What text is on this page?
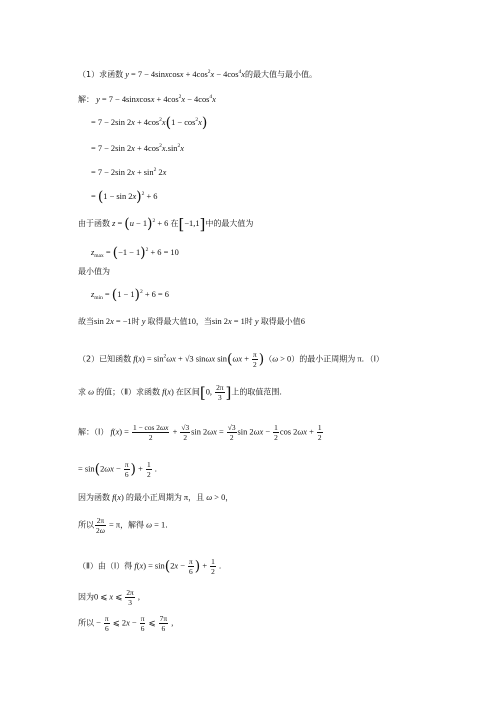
（1）求函数 y = 7 − 4sinxcosx + $4\cos^2x - 4\cos^4x$的最大值与最小值。
解： y = 7 − 4sinxcosx + $4\cos^2x - 4\cos^4x$
= 7 − 2sin $2x + 4\cos^2x(1 - \cos^2x)$
= 7 − 2sin $2x + 4\cos^2x.\sin^2x$
= 7 − 2sin $2x + \sin^2 2x$
= $(1 - \sin 2x)^2 + 6$
由于函数 $z = (u - 1)^2 + 6$ 在[−1,1]中的最大值为
$z_{max} = (-1 - 1)^2 + 6 = 10$
最小值为
$z_{min} = (1 - 1)^2 + 6 = 6$
故当sin 2x = −1时 y 取得最大值10，当sin 2x = 1时 y 取得最小值6
（2）已知函数 $f(x) = \sin^2\omega x + √3$ sinωx $\sin(\omega x + \frac{\pi}{2} )(\omega > 0)$的最小正周期为 π．（Ⅰ）
求 ω 的值；（Ⅱ）求函数 f(x) 在区间[0, $\frac{2\pi}{3}$ ]上的取值范围.
解：（Ⅰ） $f(x) = \frac{1 - \cos 2\omega x}{2} + \frac{√3}{2}$ $\sin 2\omega x = \frac{√3}{2}$ $\sin 2\omega x - \frac{1}{2}$ $\cos 2\omega x + \frac{1}{2}$
= $\sin(2\omega x - \frac{\pi}{6}$ ) + $\frac{1}{2}$ .
因为函数 f(x) 的最小正周期为 π，且 ω > 0，
所以 $\frac{2\pi}{2\omega} = \pi$，解得 ω = 1．
（Ⅱ）由（Ⅰ）得 $f(x) = \sin(2x - \frac{\pi}{6}$ ) + $\frac{1}{2}$ .
因为0 ⩽ x ⩽ $\frac{2\pi}{3}$ ,
所以 − $\frac{\pi}{6}$ ⩽ $2x - \frac{\pi}{6}$ ⩽ $\frac{7\pi}{6}$ ,
